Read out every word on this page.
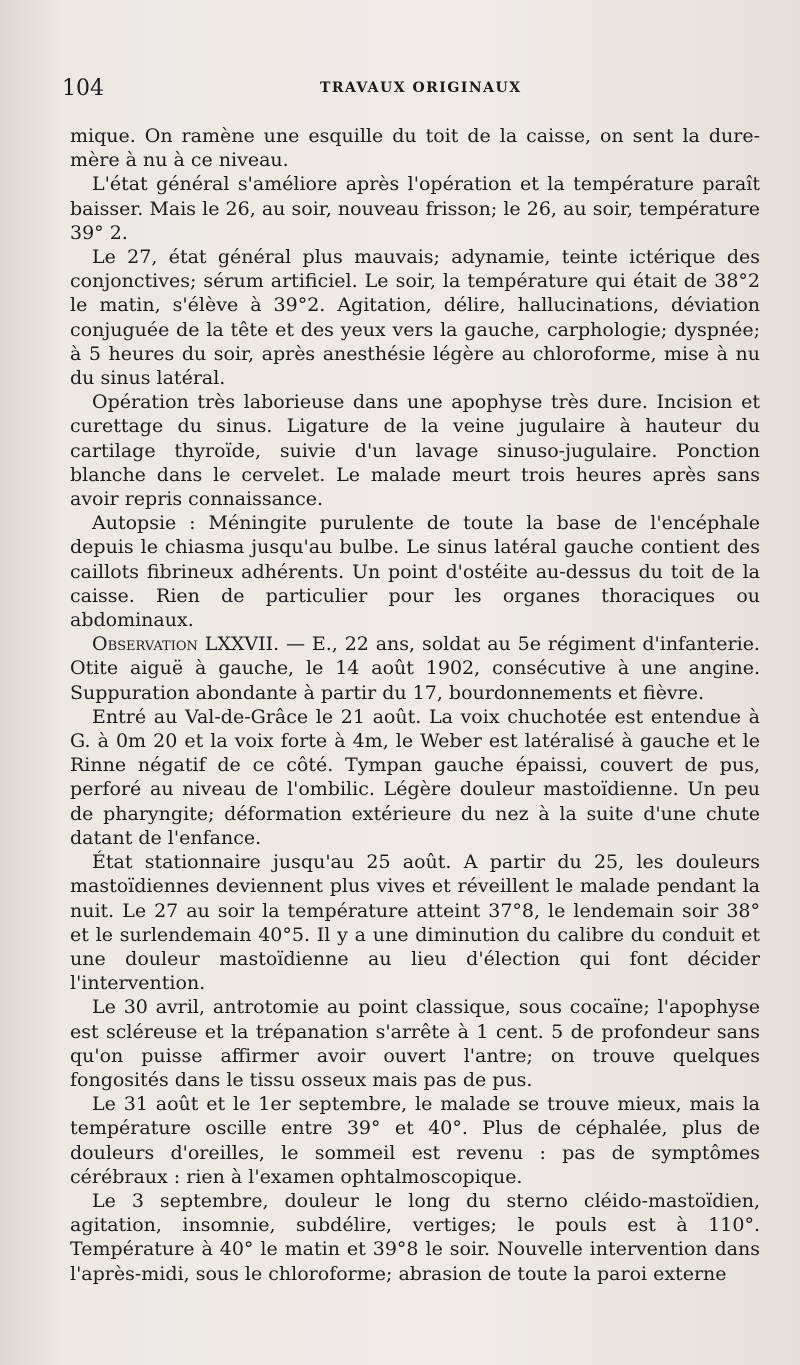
104	TRAVAUX ORIGINAUX

mique. On ramène une esquille du toit de la caisse, on sent la dure-mère à nu à ce niveau.

L'état général s'améliore après l'opération et la température paraît baisser. Mais le 26, au soir, nouveau frisson; le 26, au soir, température 39° 2.

Le 27, état général plus mauvais; adynamie, teinte ictérique des conjonctives; sérum artificiel. Le soir, la température qui était de 38°2 le matin, s'élève à 39°2. Agitation, délire, hallucinations, déviation conjuguée de la tête et des yeux vers la gauche, carphologie; dyspnée; à 5 heures du soir, après anesthésie légère au chloroforme, mise à nu du sinus latéral.

Opération très laborieuse dans une apophyse très dure. Incision et curettage du sinus. Ligature de la veine jugulaire à hauteur du cartilage thyroïde, suivie d'un lavage sinuso-jugulaire. Ponction blanche dans le cervelet. Le malade meurt trois heures après sans avoir repris connaissance.

Autopsie : Méningite purulente de toute la base de l'encéphale depuis le chiasma jusqu'au bulbe. Le sinus latéral gauche contient des caillots fibrineux adhérents. Un point d'ostéite au-dessus du toit de la caisse. Rien de particulier pour les organes thoraciques ou abdominaux.

Observation LXXVII. — E., 22 ans, soldat au 5e régiment d'infanterie. Otite aiguë à gauche, le 14 août 1902, consécutive à une angine. Suppuration abondante à partir du 17, bourdonnements et fièvre.

Entré au Val-de-Grâce le 21 août. La voix chuchotée est entendue à G. à 0m 20 et la voix forte à 4m, le Weber est latéralisé à gauche et le Rinne négatif de ce côté. Tympan gauche épaissi, couvert de pus, perforé au niveau de l'ombilic. Légère douleur mastoïdienne. Un peu de pharyngite; déformation extérieure du nez à la suite d'une chute datant de l'enfance.

État stationnaire jusqu'au 25 août. A partir du 25, les douleurs mastoïdiennes deviennent plus vives et réveillent le malade pendant la nuit. Le 27 au soir la température atteint 37°8, le lendemain soir 38° et le surlendemain 40°5. Il y a une diminution du calibre du conduit et une douleur mastoïdienne au lieu d'élection qui font décider l'intervention.

Le 30 avril, antrotomie au point classique, sous cocaïne; l'apophyse est scléreuse et la trépanation s'arrête à 1 cent. 5 de profondeur sans qu'on puisse affirmer avoir ouvert l'antre; on trouve quelques fongosités dans le tissu osseux mais pas de pus.

Le 31 août et le 1er septembre, le malade se trouve mieux, mais la température oscille entre 39° et 40°. Plus de céphalée, plus de douleurs d'oreilles, le sommeil est revenu : pas de symptômes cérébraux : rien à l'examen ophtalmoscopique.

Le 3 septembre, douleur le long du sterno cléido-mastoïdien, agitation, insomnie, subdélire, vertiges; le pouls est à 110°. Température à 40° le matin et 39°8 le soir. Nouvelle intervention dans l'après-midi, sous le chloroforme; abrasion de toute la paroi externe
